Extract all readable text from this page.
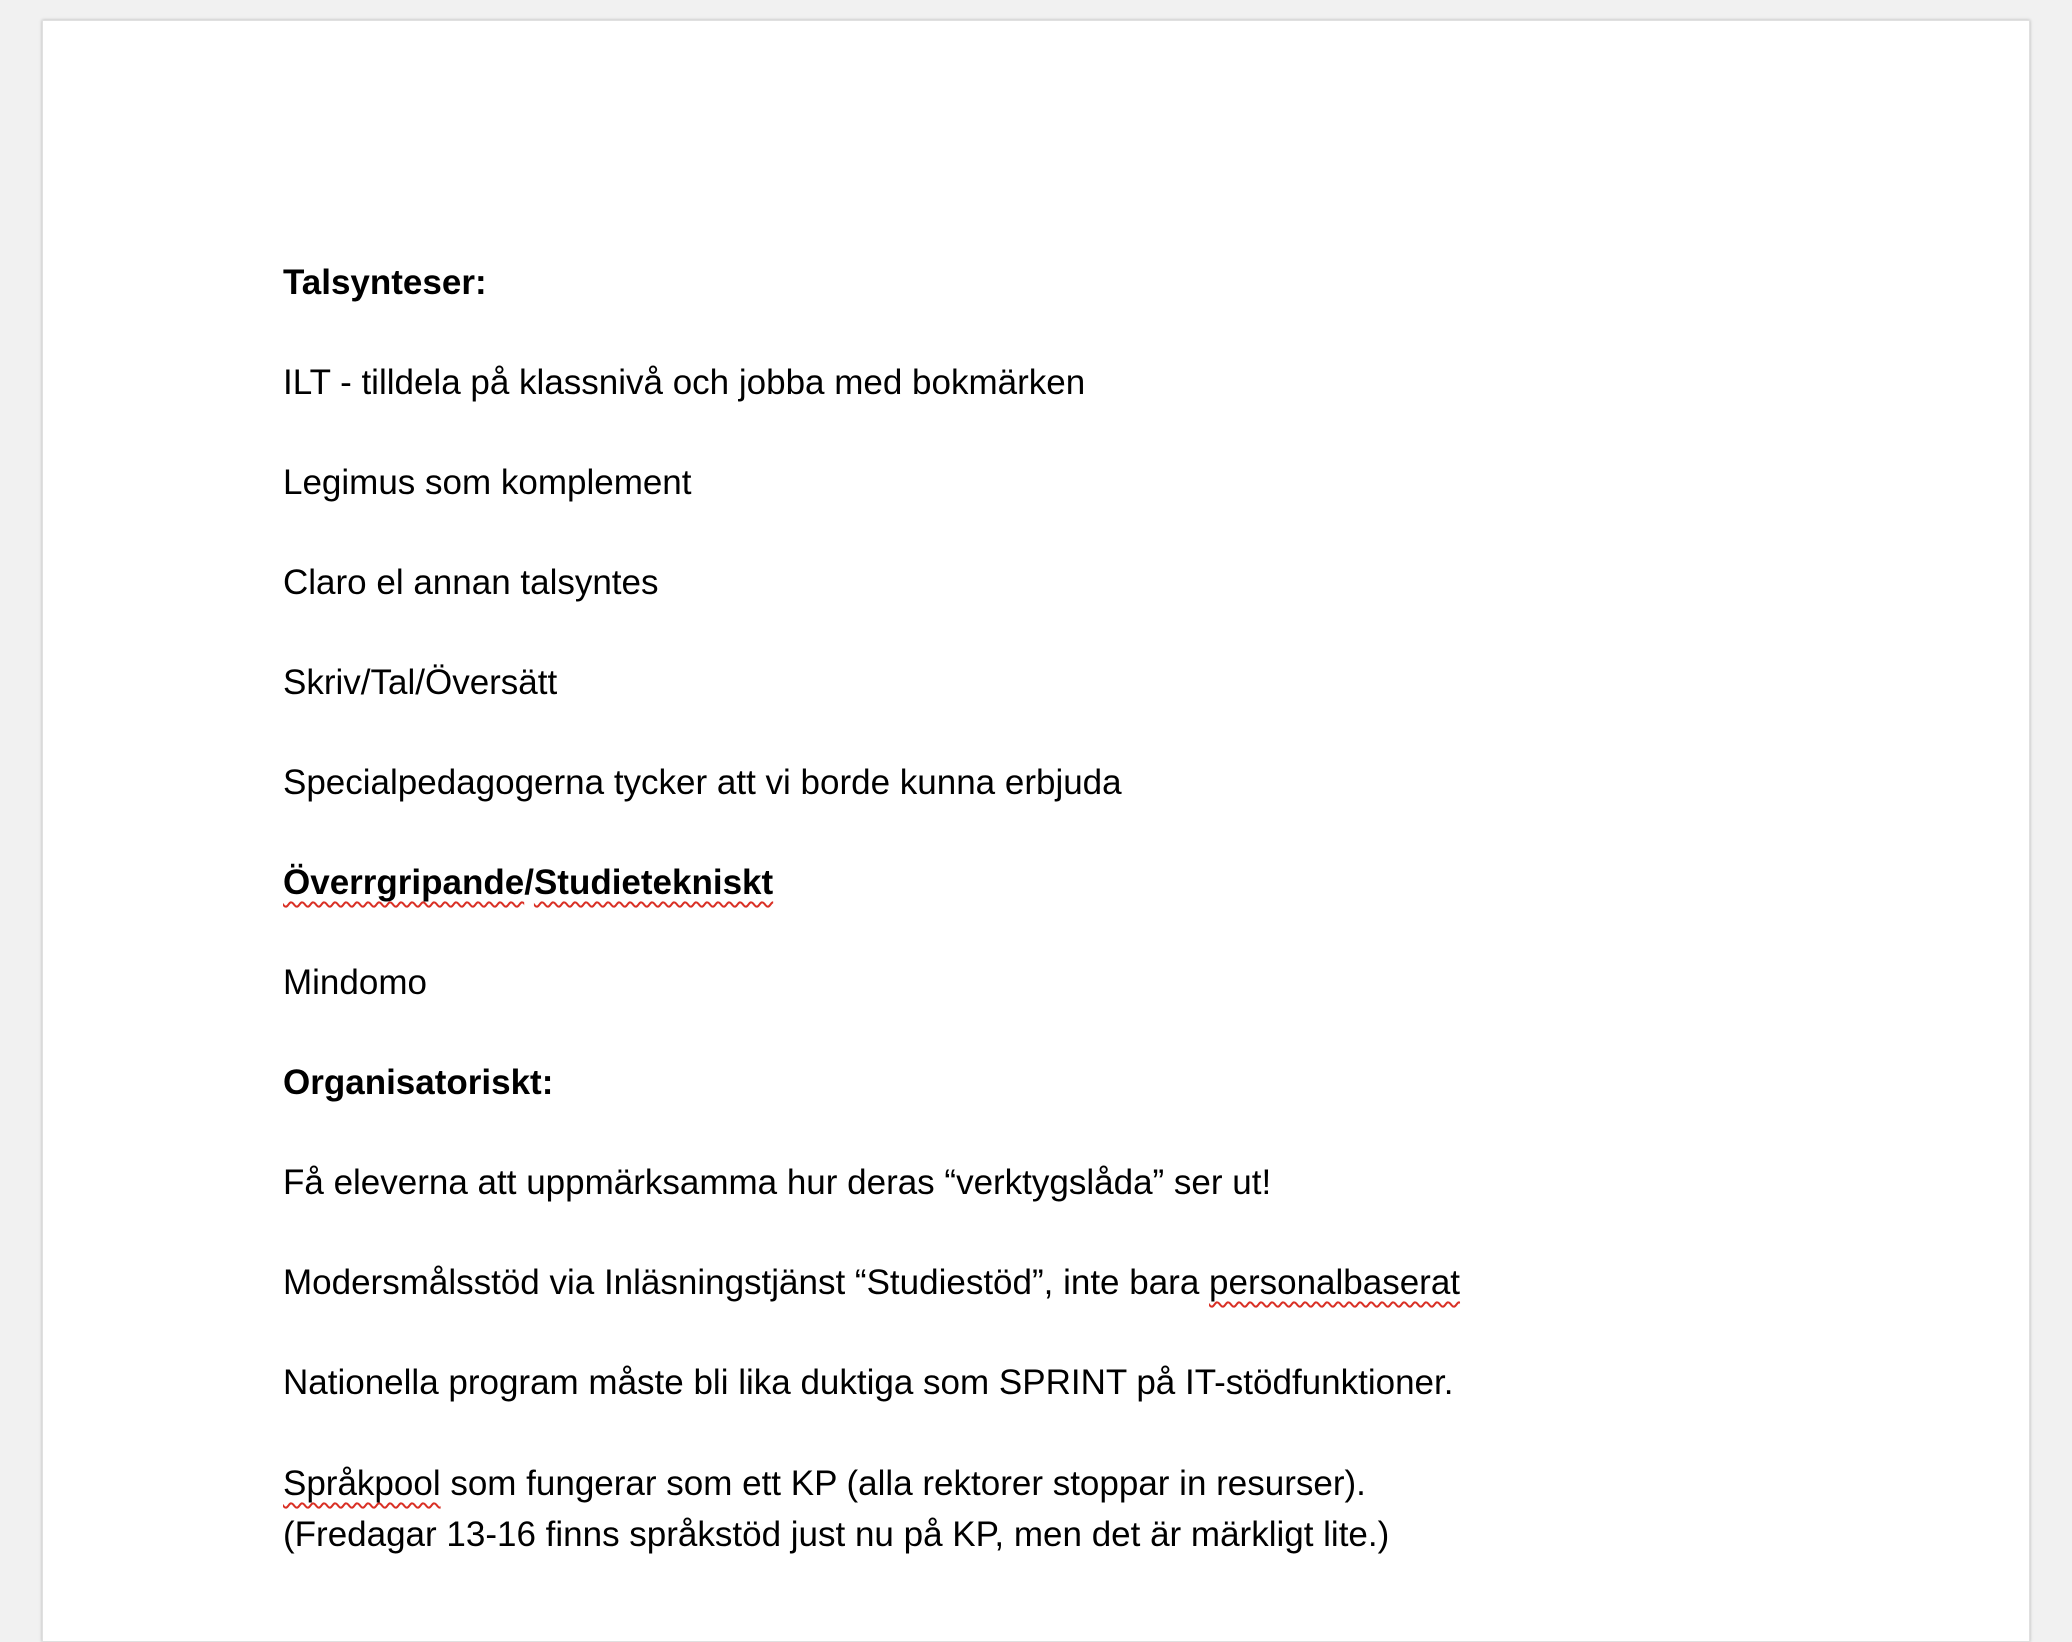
Talsynteser:

ILT - tilldela på klassnivå och jobba med bokmärken

Legimus som komplement

Claro el annan talsyntes

Skriv/Tal/Översätt

Specialpedagogerna tycker att vi borde kunna erbjuda

Överrgripande/Studietekniskt

Mindomo

Organisatoriskt:

Få eleverna att uppmärksamma hur deras “verktygslåda” ser ut!

Modersmålsstöd via Inläsningstjänst “Studiestöd”, inte bara personalbaserat

Nationella program måste bli lika duktiga som SPRINT på IT-stödfunktioner.

Språkpool som fungerar som ett KP (alla rektorer stoppar in resurser).
(Fredagar 13-16 finns språkstöd just nu på KP, men det är märkligt lite.)
